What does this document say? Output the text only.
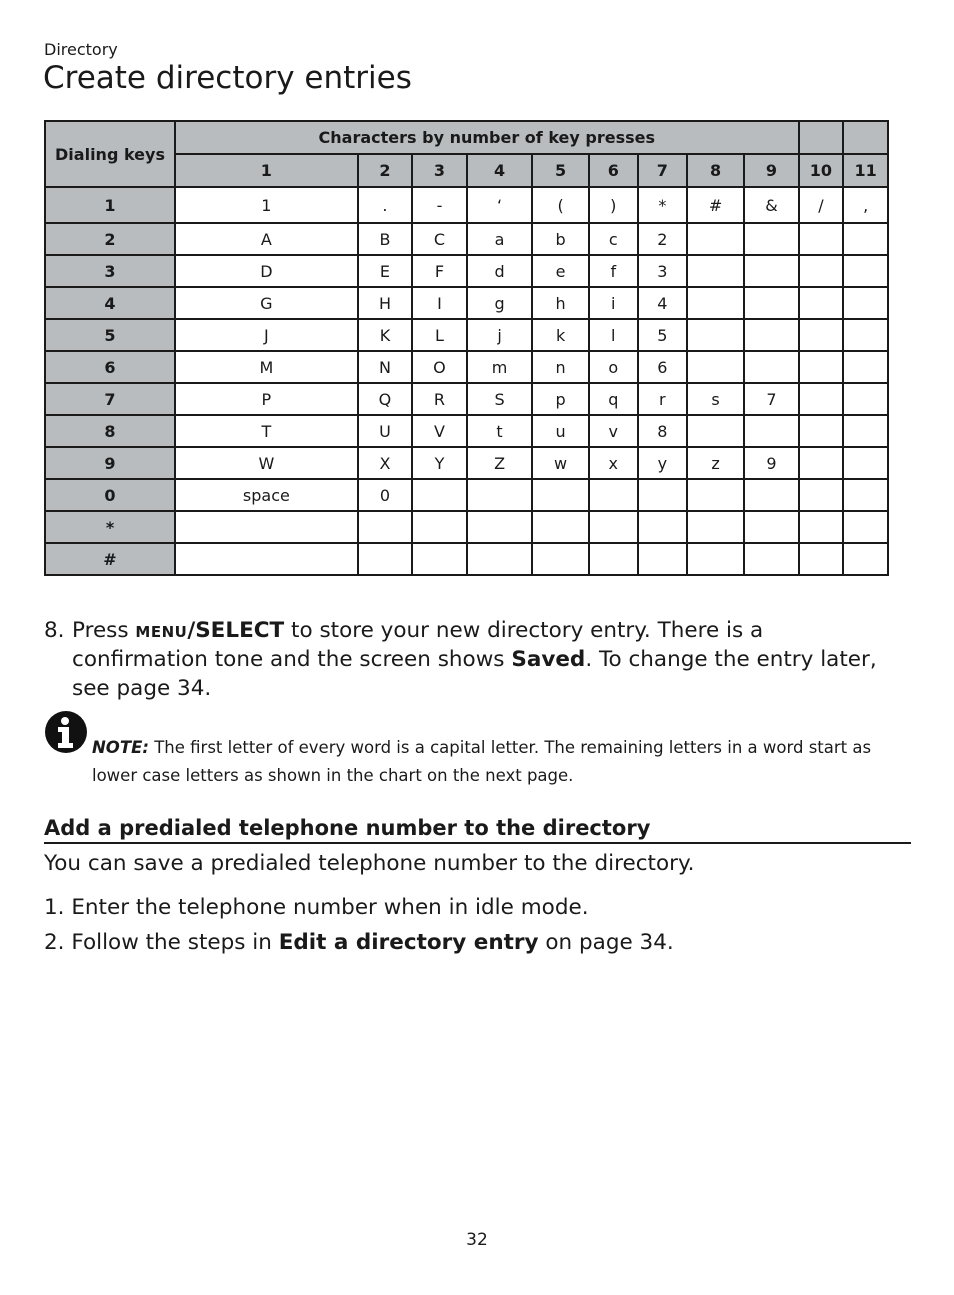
Directory
Create directory entries
Dialing keys	Characters by number of key presses										
	1	2	3	4	5	6	7	8	9	10	11
1	1	.	-	‘	(	)	*	#	&	/	,
2	A	B	C	a	b	c	2				
3	D	E	F	d	e	f	3				
4	G	H	I	g	h	i	4				
5	J	K	L	j	k	l	5				
6	M	N	O	m	n	o	6				
7	P	Q	R	S	p	q	r	s	7		
8	T	U	V	t	u	v	8				
9	W	X	Y	Z	w	x	y	z	9		
0	space	0									
*											
#											
8. Press menu/SELECT to store your new directory entry. There is a confirmation tone and the screen shows Saved. To change the entry later, see page 34.
NOTE: The first letter of every word is a capital letter. The remaining letters in a word start as lower case letters as shown in the chart on the next page.
Add a predialed telephone number to the directory
You can save a predialed telephone number to the directory.
1. Enter the telephone number when in idle mode.
2. Follow the steps in Edit a directory entry on page 34.
32
